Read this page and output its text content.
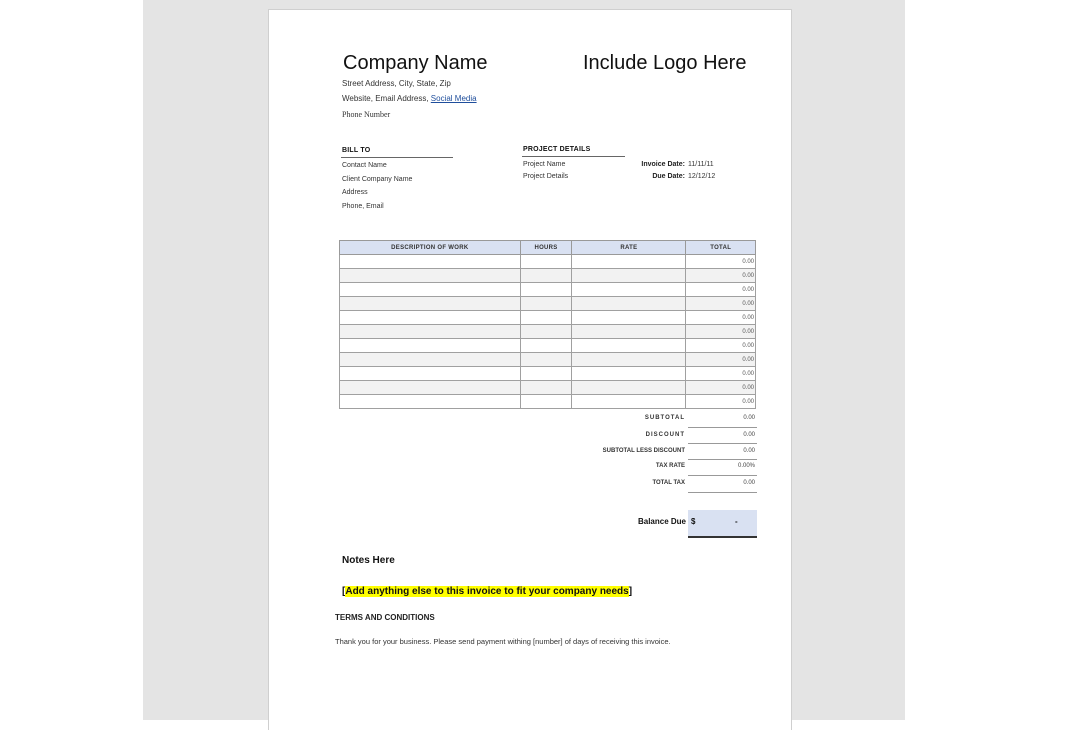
Company Name	Include Logo Here
Street Address, City, State, Zip
Website, Email Address, Social Media
Phone Number
BILL TO
Contact Name
Client Company Name
Address
Phone, Email
PROJECT DETAILS
Project Name
Project Details
Invoice Date: 11/11/11
Due Date: 12/12/12
DESCRIPTION OF WORK	HOURS	RATE	TOTAL
			0.00
			0.00
			0.00
			0.00
			0.00
			0.00
			0.00
			0.00
			0.00
			0.00
			0.00
SUBTOTAL	0.00
DISCOUNT	0.00
SUBTOTAL LESS DISCOUNT	0.00
TAX RATE	0.00%
TOTAL TAX	0.00
Balance Due $	-
Notes Here
[Add anything else to this invoice to fit your company needs]
TERMS AND CONDITIONS
Thank you for your business. Please send payment withing [number] of days of receiving this invoice.
